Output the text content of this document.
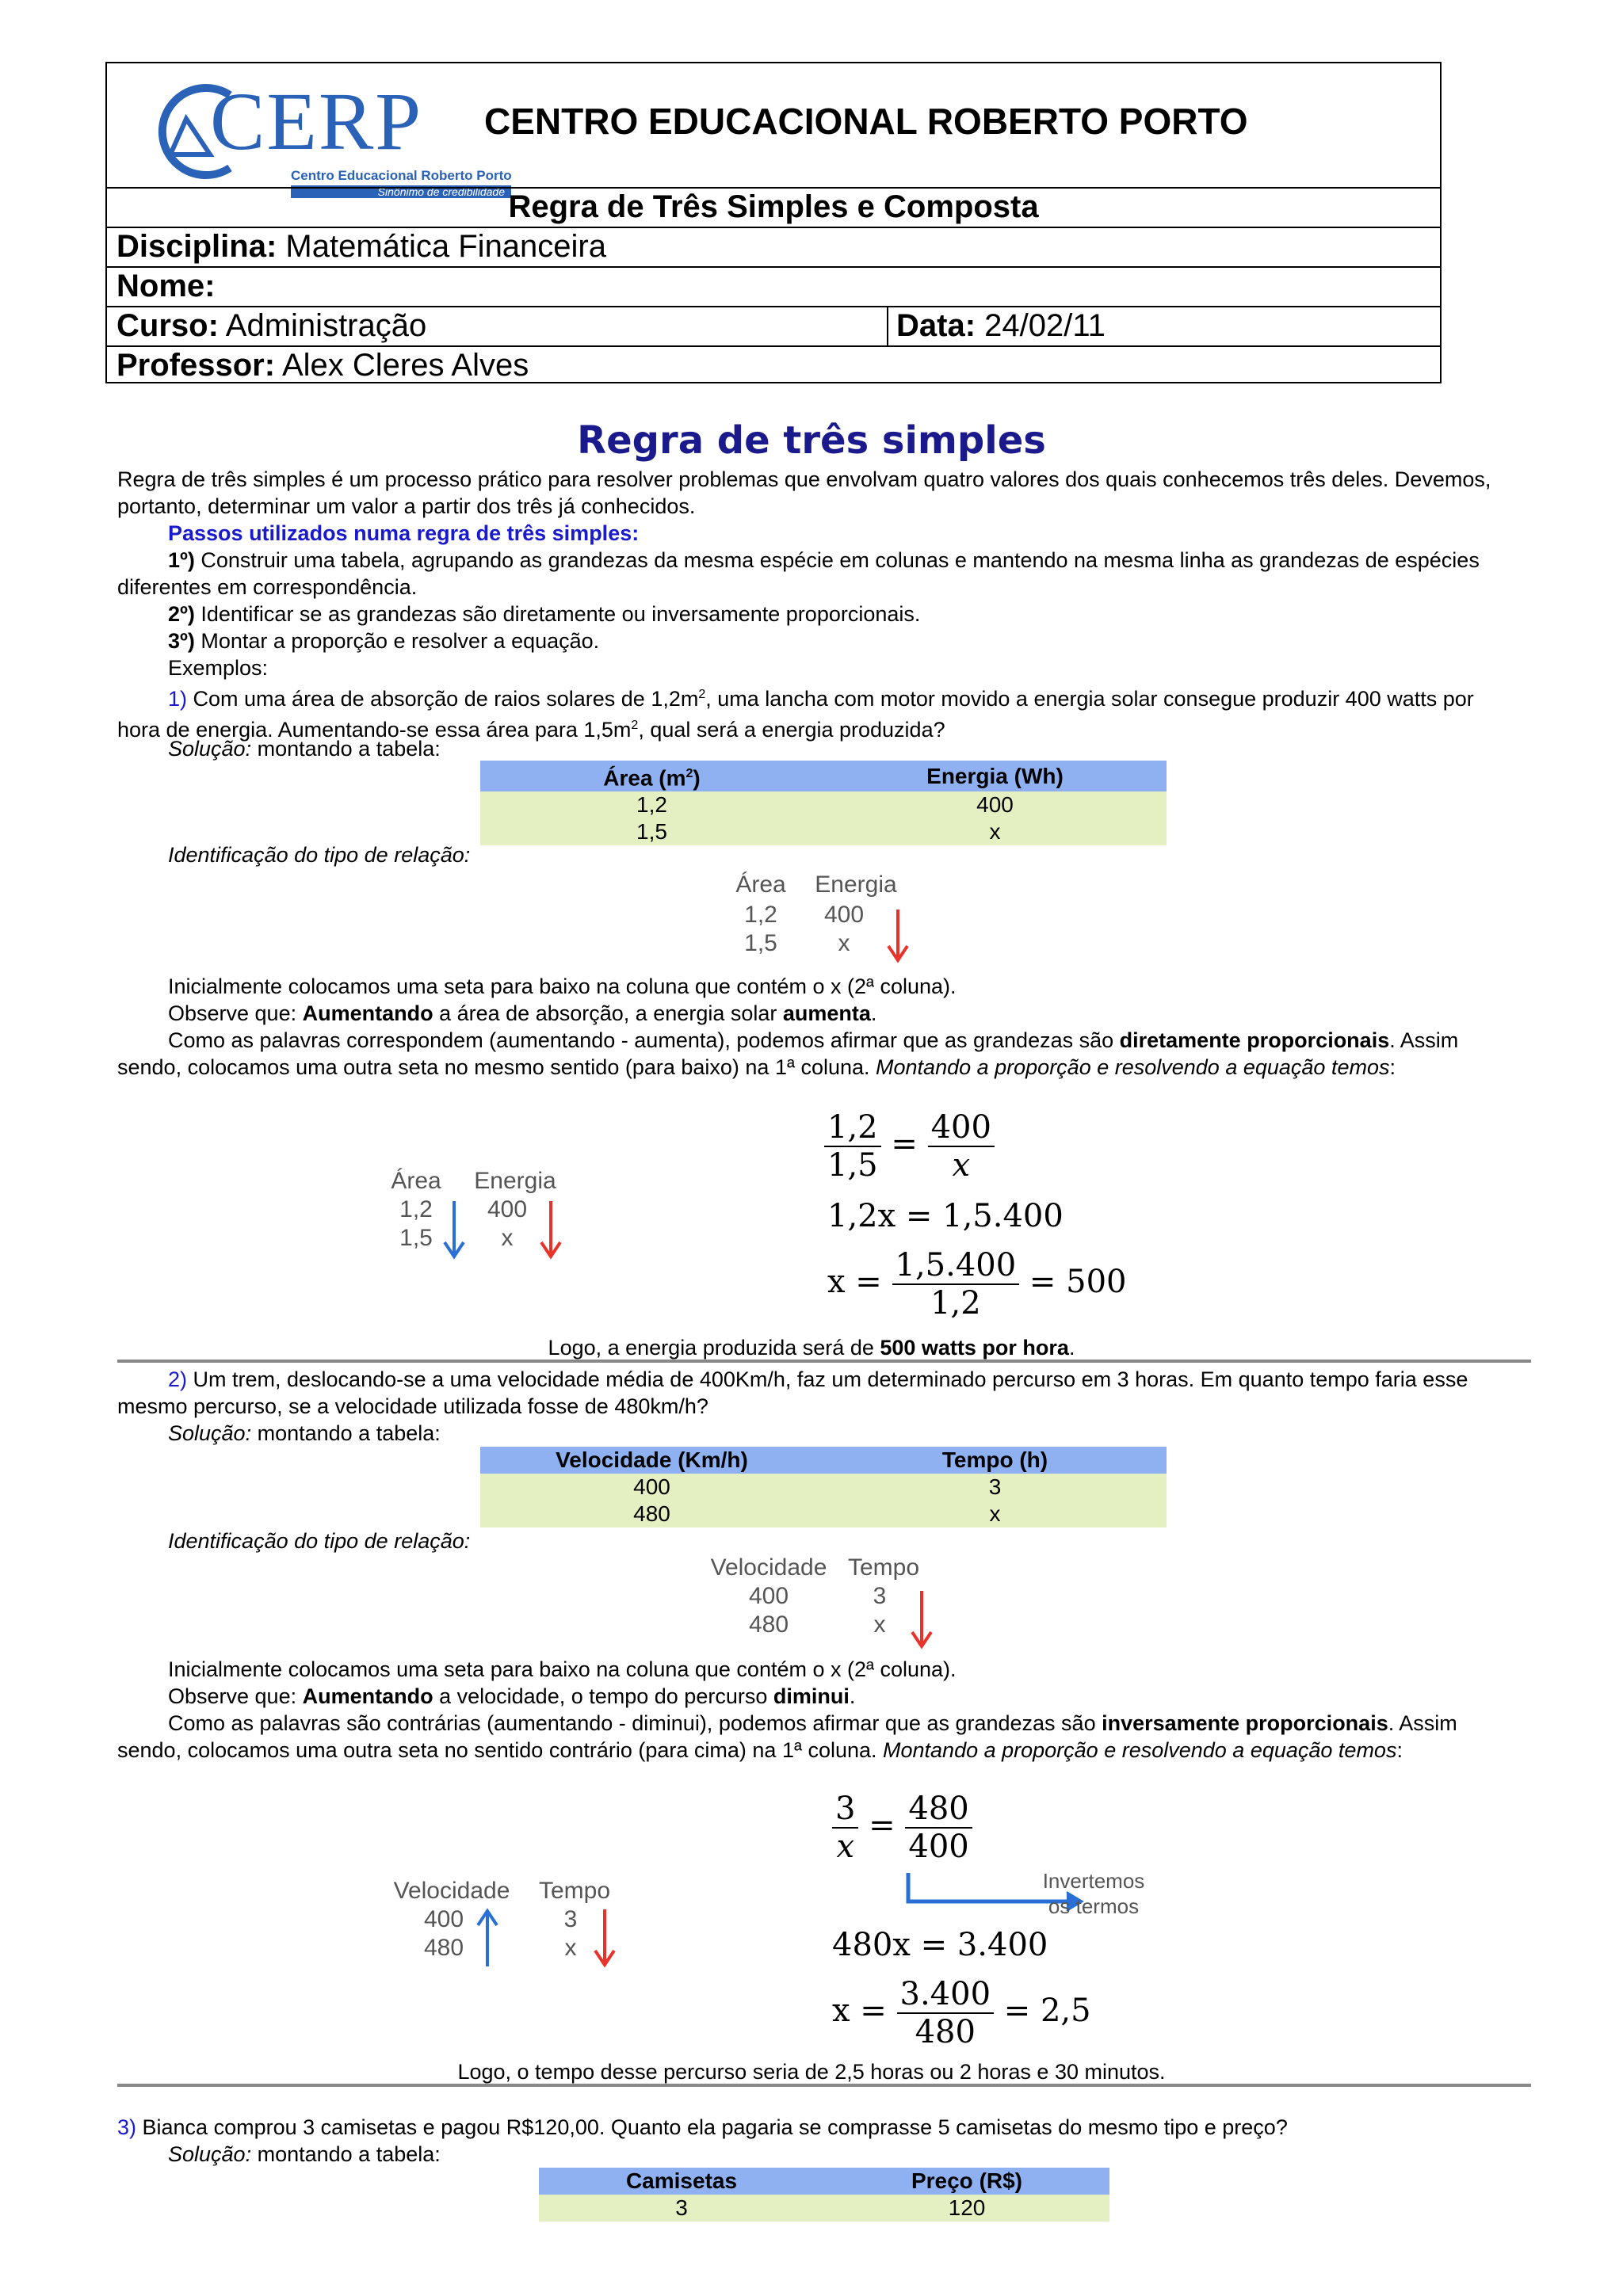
CERP
Centro Educacional Roberto Porto
Sinônimo de credibilidade
CENTRO EDUCACIONAL ROBERTO PORTO
Regra de Três Simples e Composta
Disciplina: Matemática Financeira
Nome:
Curso: Administração	Data: 24/02/11
Professor: Alex Cleres Alves
Regra de três simples

Regra de três simples é um processo prático para resolver problemas que envolvam quatro valores dos quais conhecemos três deles. Devemos, portanto, determinar um valor a partir dos três já conhecidos.

Passos utilizados numa regra de três simples:

1º) Construir uma tabela, agrupando as grandezas da mesma espécie em colunas e mantendo na mesma linha as grandezas de espécies diferentes em correspondência.

2º) Identificar se as grandezas são diretamente ou inversamente proporcionais.

3º) Montar a proporção e resolver a equação.

Exemplos:

1) Com uma área de absorção de raios solares de $1,2m^2$, uma lancha com motor movido a energia solar consegue produzir 400 watts por hora de energia. Aumentando-se essa área para $1,5m^2$, qual será a energia produzida?

Solução: montando a tabela:

Área $(m^2)$	Energia (Wh)
1,2	400
1,5	x

Identificação do tipo de relação:

Área	Energia
1,2	400
1,5	x

Inicialmente colocamos uma seta para baixo na coluna que contém o x (2ª coluna).

Observe que: Aumentando a área de absorção, a energia solar aumenta.

Como as palavras correspondem (aumentando - aumenta), podemos afirmar que as grandezas são diretamente proporcionais. Assim sendo, colocamos uma outra seta no mesmo sentido (para baixo) na 1ª coluna. Montando a proporção e resolvendo a equação temos:

Área	Energia
1,2	400
1,5	x
$\frac{1,2}{1,5} = \frac{400}{x}$
1,2x = 1,5.400
$x = \frac{1,5.400}{1,2} = 500$

Logo, a energia produzida será de 500 watts por hora.

2) Um trem, deslocando-se a uma velocidade média de 400Km/h, faz um determinado percurso em 3 horas. Em quanto tempo faria esse mesmo percurso, se a velocidade utilizada fosse de 480km/h?

Solução: montando a tabela:

Velocidade (Km/h)	Tempo (h)
400	3
480	x

Identificação do tipo de relação:

Velocidade Tempo
400	3
480	x

Inicialmente colocamos uma seta para baixo na coluna que contém o x (2ª coluna).

Observe que: Aumentando a velocidade, o tempo do percurso diminui.

Como as palavras são contrárias (aumentando - diminui), podemos afirmar que as grandezas são inversamente proporcionais. Assim sendo, colocamos uma outra seta no sentido contrário (para cima) na 1ª coluna. Montando a proporção e resolvendo a equação temos:

Velocidade	Tempo
400	3
480	x
$\frac{3}{x} = \frac{480}{400}$
Invertemos
os termos
480x = 3.400
$x = \frac{3.400}{480} = 2,5$

Logo, o tempo desse percurso seria de 2,5 horas ou 2 horas e 30 minutos.

3) Bianca comprou 3 camisetas e pagou R$120,00. Quanto ela pagaria se comprasse 5 camisetas do mesmo tipo e preço?

Solução: montando a tabela:

Camisetas	Preço (R$)
3	120
